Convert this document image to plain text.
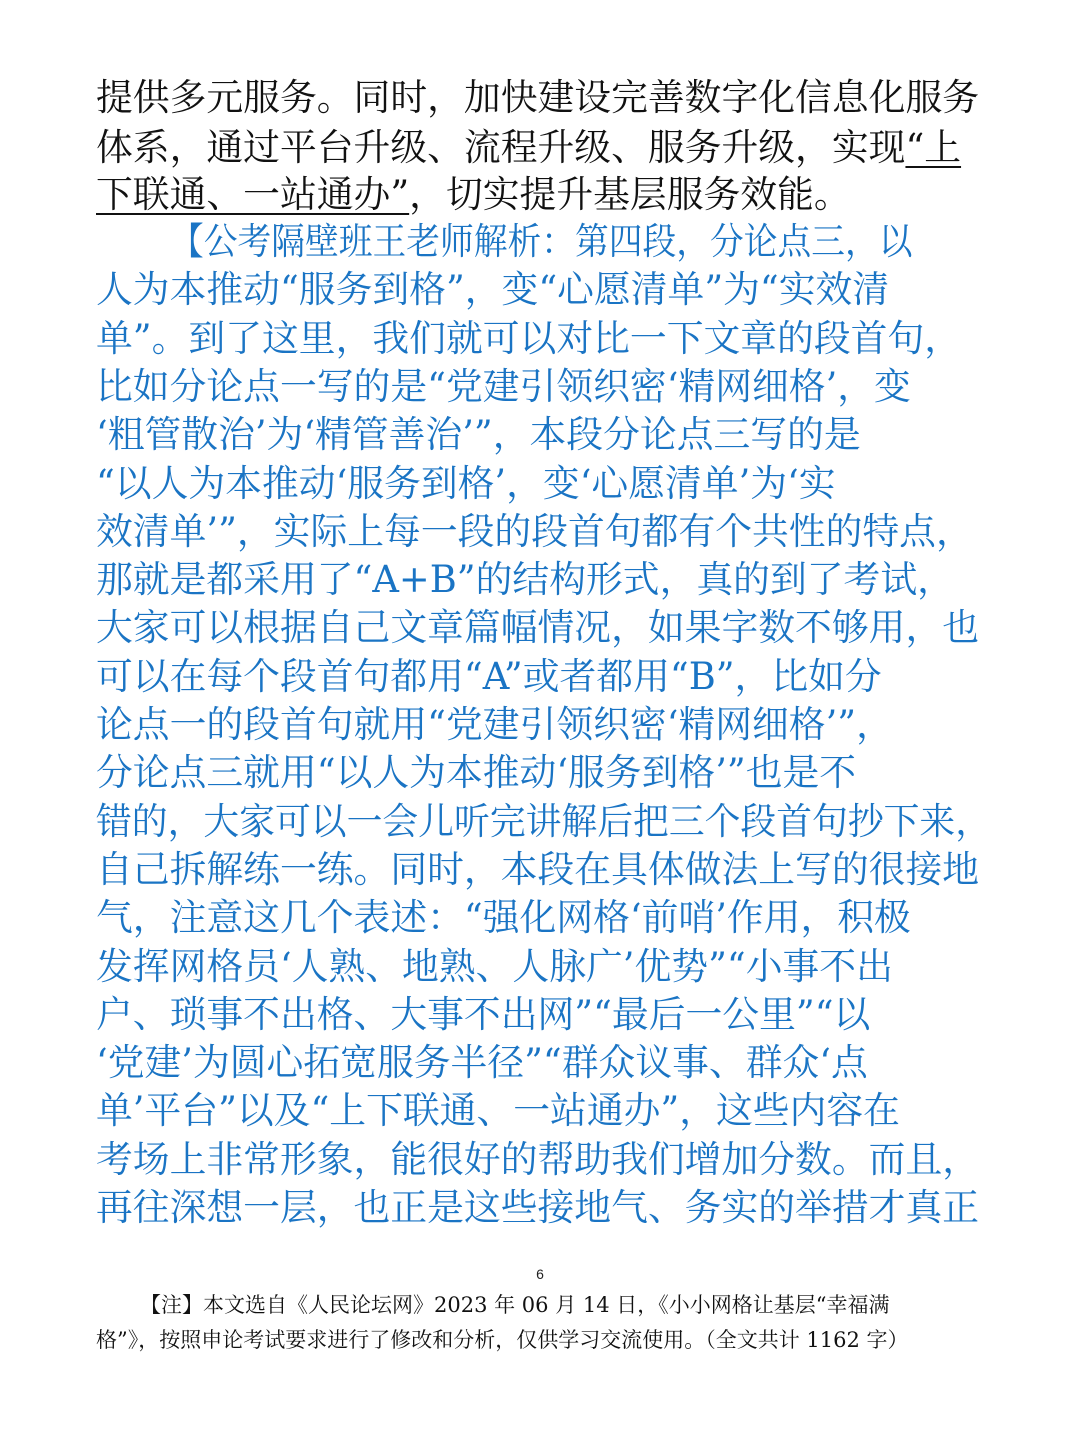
提供多元服务。同时，加快建设完善数字化信息化服务
体系，通过平台升级、流程升级、服务升级，实现“上
下联通、一站通办”，切实提升基层服务效能。
【公考隔壁班王老师解析：第四段，分论点三，以
人为本推动“服务到格”，变“心愿清单”为“实效清
单”。到了这里，我们就可以对比一下文章的段首句，
比如分论点一写的是“党建引领织密‘精网细格’，变
‘粗管散治’为‘精管善治’”，本段分论点三写的是
“以人为本推动‘服务到格’，变‘心愿清单’为‘实
效清单’”，实际上每一段的段首句都有个共性的特点，
那就是都采用了“A+B”的结构形式，真的到了考试，
大家可以根据自己文章篇幅情况，如果字数不够用，也
可以在每个段首句都用“A”或者都用“B”，比如分
论点一的段首句就用“党建引领织密‘精网细格’”，
分论点三就用“以人为本推动‘服务到格’”也是不
错的，大家可以一会儿听完讲解后把三个段首句抄下来，
自己拆解练一练。同时，本段在具体做法上写的很接地
气，注意这几个表述：“强化网格‘前哨’作用，积极
发挥网格员‘人熟、地熟、人脉广’优势”“小事不出
户、琐事不出格、大事不出网”“最后一公里”“以
‘党建’为圆心拓宽服务半径”“群众议事、群众‘点
单’平台”以及“上下联通、一站通办”，这些内容在
考场上非常形象，能很好的帮助我们增加分数。而且，
再往深想一层，也正是这些接地气、务实的举措才真正
6
【注】本文选自《人民论坛网》2023 年 06 月 14 日，《小小网格让基层“幸福满
格”》，按照申论考试要求进行了修改和分析，仅供学习交流使用。（全文共计 1162 字）
